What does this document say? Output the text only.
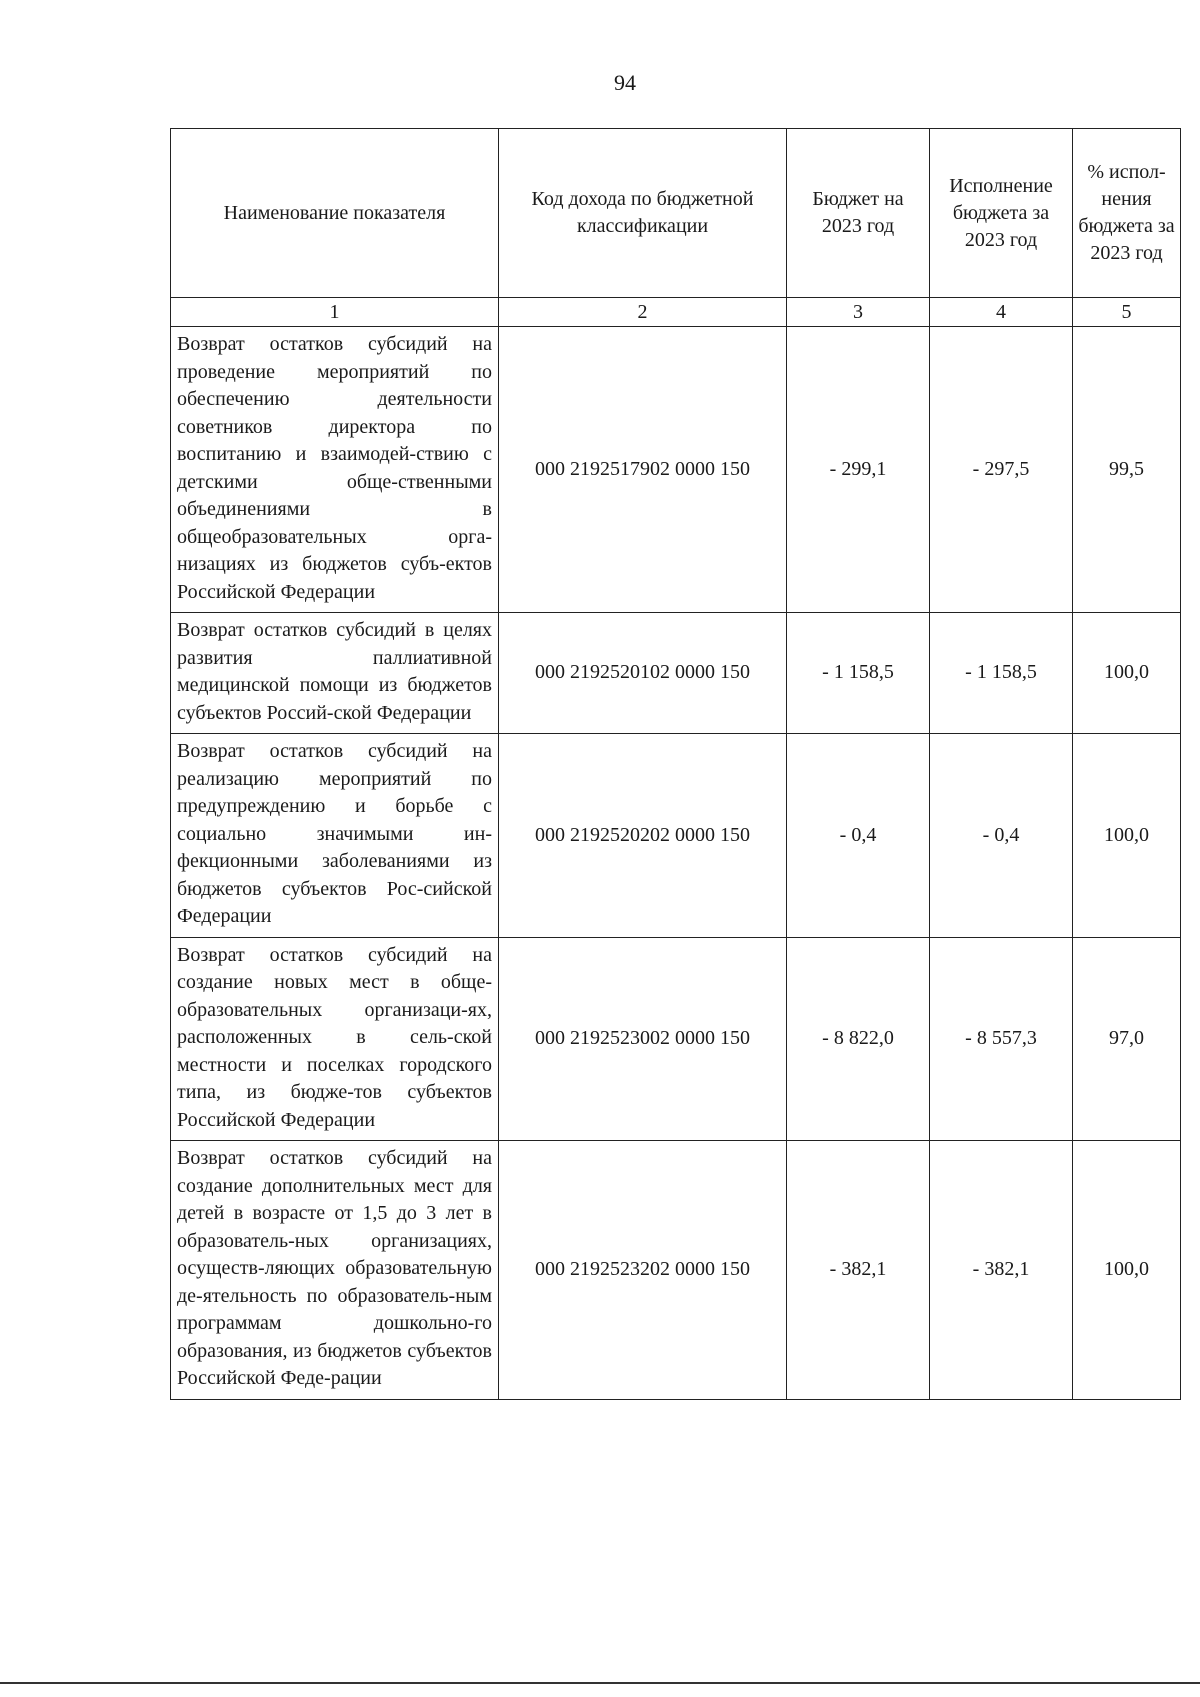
94
Наименование показателя	Код дохода по бюджетной классификации	Бюджет на 2023 год	Исполнение бюджета за 2023 год	% испол-нения бюджета за 2023 год
1	2	3	4	5
Возврат остатков субсидий на проведение мероприятий по обеспечению деятельности советников директора по воспитанию и взаимодей-ствию с детскими обще-ственными объединениями в общеобразовательных орга-низациях из бюджетов субъ-ектов Российской Федерации	000 2192517902 0000 150	- 299,1	- 297,5	99,5
Возврат остатков субсидий в целях развития паллиативной медицинской помощи из бюджетов субъектов Россий-ской Федерации	000 2192520102 0000 150	- 1 158,5	- 1 158,5	100,0
Возврат остатков субсидий на реализацию мероприятий по предупреждению и борьбе с социально значимыми ин-фекционными заболеваниями из бюджетов субъектов Рос-сийской Федерации	000 2192520202 0000 150	- 0,4	- 0,4	100,0
Возврат остатков субсидий на создание новых мест в обще-образовательных организаци-ях, расположенных в сель-ской местности и поселках городского типа, из бюдже-тов субъектов Российской Федерации	000 2192523002 0000 150	- 8 822,0	- 8 557,3	97,0
Возврат остатков субсидий на создание дополнительных мест для детей в возрасте от 1,5 до 3 лет в образователь-ных организациях, осуществ-ляющих образовательную де-ятельность по образователь-ным программам дошкольно-го образования, из бюджетов субъектов Российской Феде-рации	000 2192523202 0000 150	- 382,1	- 382,1	100,0
